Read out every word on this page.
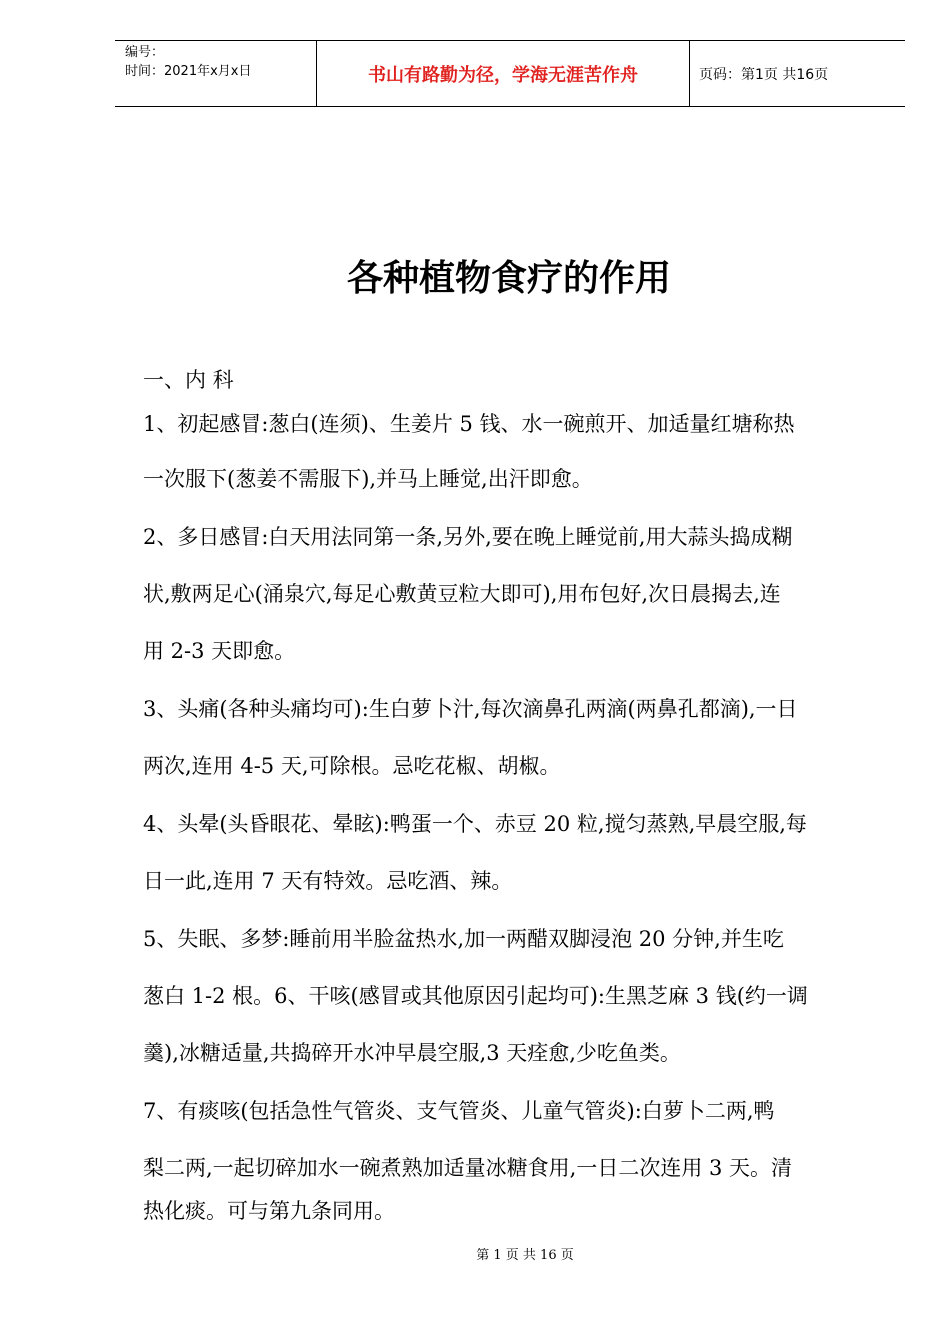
编号：
时间：2021年x月x日	书山有路勤为径，学海无涯苦作舟	页码：第1页 共16页
各种植物食疗的作用
一、内 科
1、初起感冒:葱白(连须)、生姜片 5 钱、水一碗煎开、加适量红塘称热
一次服下(葱姜不需服下),并马上睡觉,出汗即愈。
2、多日感冒:白天用法同第一条,另外,要在晚上睡觉前,用大蒜头捣成糊
状,敷两足心(涌泉穴,每足心敷黄豆粒大即可),用布包好,次日晨揭去,连
用 2-3 天即愈。
3、头痛(各种头痛均可):生白萝卜汁,每次滴鼻孔两滴(两鼻孔都滴),一日
两次,连用 4-5 天,可除根。忌吃花椒、胡椒。
4、头晕(头昏眼花、晕眩):鸭蛋一个、赤豆 20 粒,搅匀蒸熟,早晨空服,每
日一此,连用 7 天有特效。忌吃酒、辣。
5、失眠、多梦:睡前用半脸盆热水,加一两醋双脚浸泡 20 分钟,并生吃
葱白 1-2 根。6、干咳(感冒或其他原因引起均可):生黑芝麻 3 钱(约一调
羹),冰糖适量,共捣碎开水冲早晨空服,3 天痊愈,少吃鱼类。
7、有痰咳(包括急性气管炎、支气管炎、儿童气管炎):白萝卜二两,鸭
梨二两,一起切碎加水一碗煮熟加适量冰糖食用,一日二次连用 3 天。清
热化痰。可与第九条同用。
第 1 页 共 16 页
